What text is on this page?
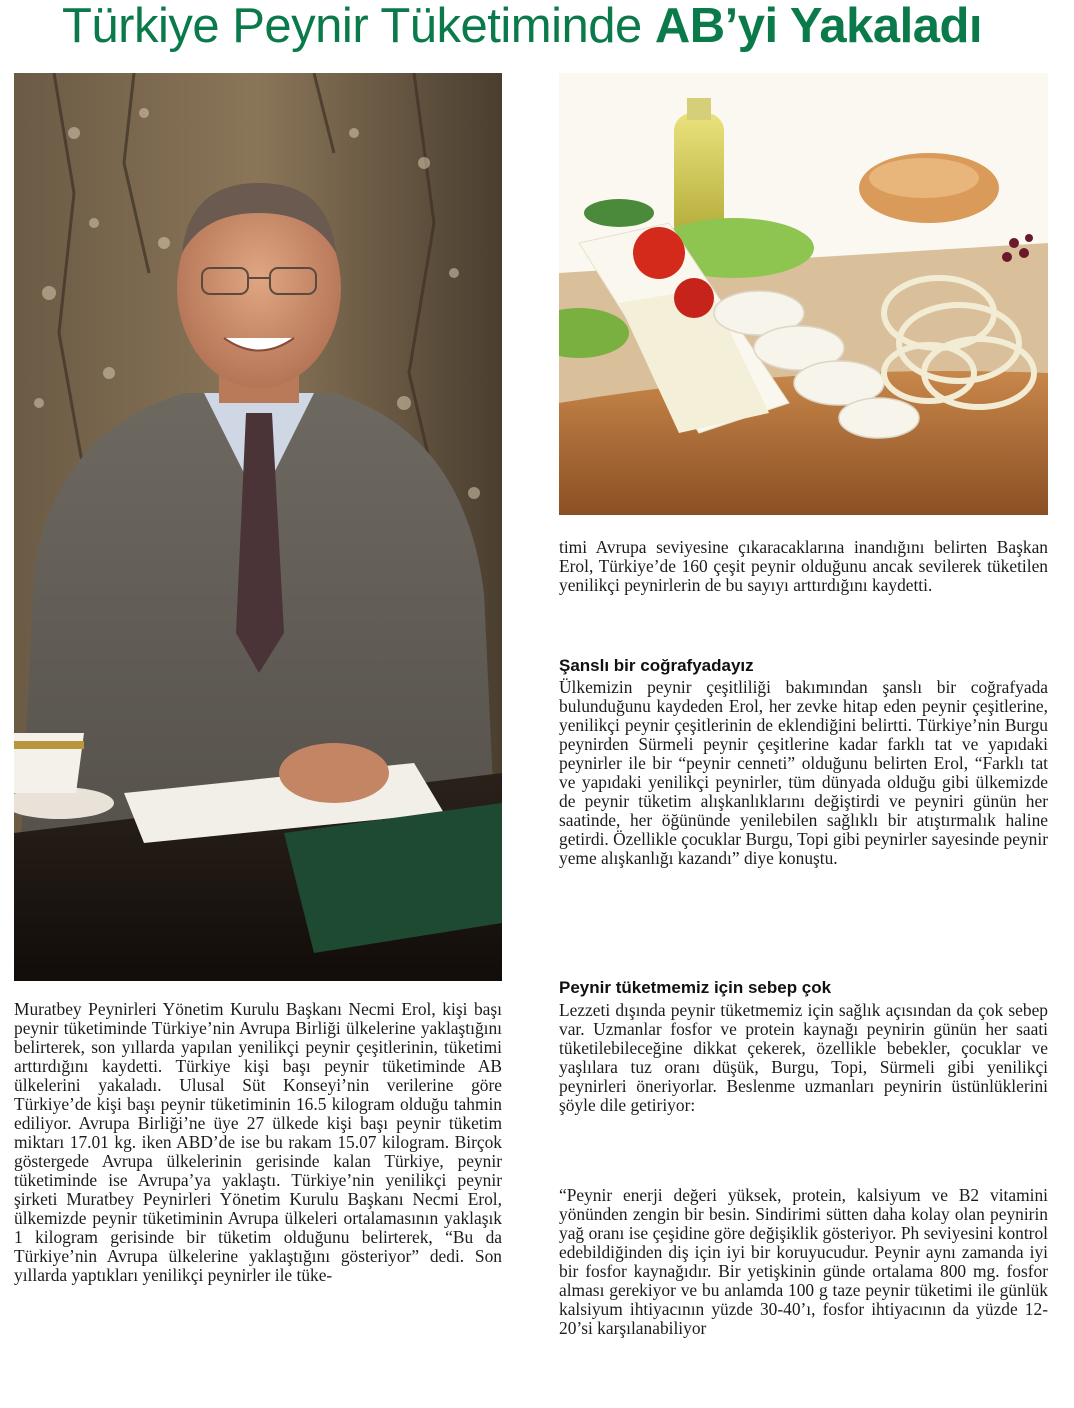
Türkiye Peynir Tüketiminde AB’yi Yakaladı
Muratbey Peynirleri Yönetim Kurulu Başkanı Necmi Erol, kişi başı peynir tüketiminde Türkiye’nin Avrupa Birliği ülkelerine yaklaştığını belirterek, son yıllarda yapılan yenilikçi peynir çeşitlerinin, tüketimi arttırdığını kaydetti. Türkiye kişi başı peynir tüketiminde AB ülkelerini yakaladı. Ulusal Süt Konseyi’nin verilerine göre Türkiye’de kişi başı peynir tüketiminin 16.5 kilogram olduğu tahmin ediliyor. Avrupa Birliği’ne üye 27 ülkede kişi başı peynir tüketim miktarı 17.01 kg. iken ABD’de ise bu rakam 15.07 kilogram. Birçok göstergede Avrupa ülkelerinin gerisinde kalan Türkiye, peynir tüketiminde ise Avrupa’ya yaklaştı. Türkiye’nin yenilikçi peynir şirketi Muratbey Peynirleri Yönetim Kurulu Başkanı Necmi Erol, ülkemizde peynir tüketiminin Avrupa ülkeleri ortalamasının yaklaşık 1 kilogram gerisinde bir tüketim olduğunu belirterek, “Bu da Türkiye’nin Avrupa ülkelerine yaklaştığını gösteriyor” dedi. Son yıllarda yaptıkları yenilikçi peynirler ile tüke-
timi Avrupa seviyesine çıkaracaklarına inandığını belirten Başkan Erol, Türkiye’de 160 çeşit peynir olduğunu ancak sevilerek tüketilen yenilikçi peynirlerin de bu sayıyı arttırdığını kaydetti.
Şanslı bir coğrafyadayız
Ülkemizin peynir çeşitliliği bakımından şanslı bir coğrafyada bulunduğunu kaydeden Erol, her zevke hitap eden peynir çeşitlerine, yenilikçi peynir çeşitlerinin de eklendiğini belirtti. Türkiye’nin Burgu peynirden Sürmeli peynir çeşitlerine kadar farklı tat ve yapıdaki peynirler ile bir “peynir cenneti” olduğunu belirten Erol, “Farklı tat ve yapıdaki yenilikçi peynirler, tüm dünyada olduğu gibi ülkemizde de peynir tüketim alışkanlıklarını değiştirdi ve peyniri günün her saatinde, her öğününde yenilebilen sağlıklı bir atıştırmalık haline getirdi. Özellikle çocuklar Burgu, Topi gibi peynirler sayesinde peynir yeme alışkanlığı kazandı” diye konuştu.
Peynir tüketmemiz için sebep çok
Lezzeti dışında peynir tüketmemiz için sağlık açısından da çok sebep var. Uzmanlar fosfor ve protein kaynağı peynirin günün her saati tüketilebileceğine dikkat çekerek, özellikle bebekler, çocuklar ve yaşlılara tuz oranı düşük, Burgu, Topi, Sürmeli gibi yenilikçi peynirleri öneriyorlar. Beslenme uzmanları peynirin üstünlüklerini şöyle dile getiriyor:
“Peynir enerji değeri yüksek, protein, kalsiyum ve B2 vitamini yönünden zengin bir besin. Sindirimi sütten daha kolay olan peynirin yağ oranı ise çeşidine göre değişiklik gösteriyor. Ph seviyesini kontrol edebildiğinden diş için iyi bir koruyucudur. Peynir aynı zamanda iyi bir fosfor kaynağıdır. Bir yetişkinin günde ortalama 800 mg. fosfor alması gerekiyor ve bu anlamda 100 g taze peynir tüketimi ile günlük kalsiyum ihtiyacının yüzde 30-40’ı, fosfor ihtiyacının da yüzde 12-20’si karşılanabiliyor
